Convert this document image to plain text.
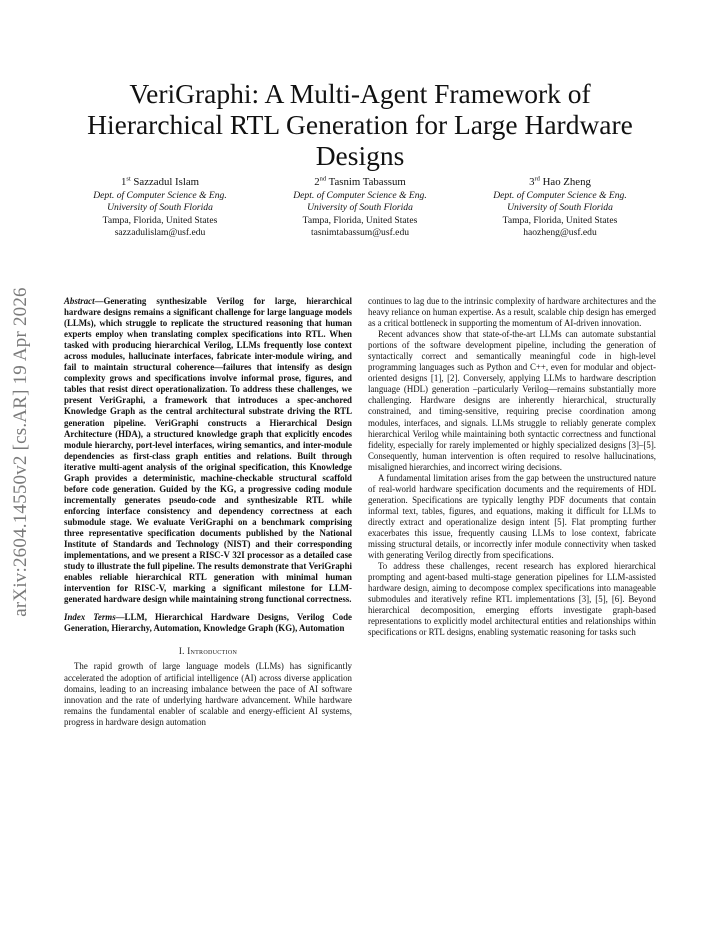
arXiv:2604.14550v2 [cs.AR] 19 Apr 2026
VeriGraphi: A Multi-Agent Framework of Hierarchical RTL Generation for Large Hardware Designs
1st Sazzadul Islam
Dept. of Computer Science & Eng.
University of South Florida
Tampa, Florida, United States
sazzadulislam@usf.edu
2nd Tasnim Tabassum
Dept. of Computer Science & Eng.
University of South Florida
Tampa, Florida, United States
tasnimtabassum@usf.edu
3rd Hao Zheng
Dept. of Computer Science & Eng.
University of South Florida
Tampa, Florida, United States
haozheng@usf.edu
Abstract—Generating synthesizable Verilog for large, hierarchical hardware designs remains a significant challenge for large language models (LLMs), which struggle to replicate the structured reasoning that human experts employ when translating complex specifications into RTL. When tasked with producing hierarchical Verilog, LLMs frequently lose context across modules, hallucinate interfaces, fabricate inter-module wiring, and fail to maintain structural coherence—failures that intensify as design complexity grows and specifications involve informal prose, figures, and tables that resist direct operationalization. To address these challenges, we present VeriGraphi, a framework that introduces a spec-anchored Knowledge Graph as the central architectural substrate driving the RTL generation pipeline. VeriGraphi constructs a Hierarchical Design Architecture (HDA), a structured knowledge graph that explicitly encodes module hierarchy, port-level interfaces, wiring semantics, and inter-module dependencies as first-class graph entities and relations. Built through iterative multi-agent analysis of the original specification, this Knowledge Graph provides a deterministic, machine-checkable structural scaffold before code generation. Guided by the KG, a progressive coding module incrementally generates pseudo-code and synthesizable RTL while enforcing interface consistency and dependency correctness at each submodule stage. We evaluate VeriGraphi on a benchmark comprising three representative specification documents published by the National Institute of Standards and Technology (NIST) and their corresponding implementations, and we present a RISC-V 32I processor as a detailed case study to illustrate the full pipeline. The results demonstrate that VeriGraphi enables reliable hierarchical RTL generation with minimal human intervention for RISC-V, marking a significant milestone for LLM-generated hardware design while maintaining strong functional correctness.
Index Terms—LLM, Hierarchical Hardware Designs, Verilog Code Generation, Hierarchy, Automation, Knowledge Graph (KG), Automation
I. Introduction

The rapid growth of large language models (LLMs) has significantly accelerated the adoption of artificial intelligence (AI) across diverse application domains, leading to an increasing imbalance between the pace of AI software innovation and the rate of underlying hardware advancement. While hardware remains the fundamental enabler of scalable and energy-efficient AI systems, progress in hardware design automation

continues to lag due to the intrinsic complexity of hardware architectures and the heavy reliance on human expertise. As a result, scalable chip design has emerged as a critical bottleneck in supporting the momentum of AI-driven innovation.

Recent advances show that state-of-the-art LLMs can automate substantial portions of the software development pipeline, including the generation of syntactically correct and semantically meaningful code in high-level programming languages such as Python and C++, even for modular and object-oriented designs [1], [2]. Conversely, applying LLMs to hardware description language (HDL) generation –particularly Verilog—remains substantially more challenging. Hardware designs are inherently hierarchical, structurally constrained, and timing-sensitive, requiring precise coordination among modules, interfaces, and signals. LLMs struggle to reliably generate complex hierarchical Verilog while maintaining both syntactic correctness and functional fidelity, especially for rarely implemented or highly specialized designs [3]–[5]. Consequently, human intervention is often required to resolve hallucinations, misaligned hierarchies, and incorrect wiring decisions.

A fundamental limitation arises from the gap between the unstructured nature of real-world hardware specification documents and the requirements of HDL generation. Specifications are typically lengthy PDF documents that contain informal text, tables, figures, and equations, making it difficult for LLMs to directly extract and operationalize design intent [5]. Flat prompting further exacerbates this issue, frequently causing LLMs to lose context, fabricate missing structural details, or incorrectly infer module connectivity when tasked with generating Verilog directly from specifications.

To address these challenges, recent research has explored hierarchical prompting and agent-based multi-stage generation pipelines for LLM-assisted hardware design, aiming to decompose complex specifications into manageable submodules and iteratively refine RTL implementations [3], [5], [6]. Beyond hierarchical decomposition, emerging efforts investigate graph-based representations to explicitly model architectural entities and relationships within specifications or RTL designs, enabling systematic reasoning for tasks such
